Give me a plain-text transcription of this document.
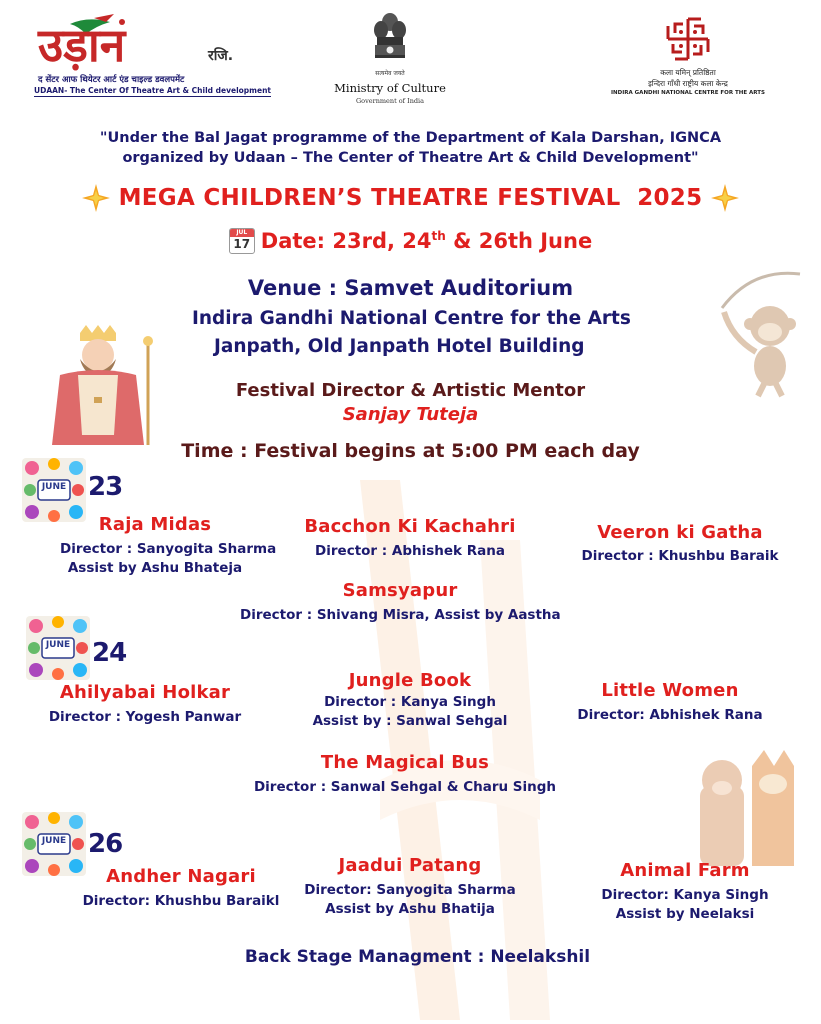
उड़ान	रजि.
द सेंटर आफ थियेटर आर्ट एंड चाइल्ड डवलपमेंट
UDAAN- The Center Of Theatre Art & Child development
सत्यमेव जयते
Ministry of Culture
Government of India
कला यमिन् प्रतिष्ठिता
इन्दिरा गाँधी राष्ट्रीय कला केन्द्र
INDIRA GANDHI NATIONAL CENTRE FOR THE ARTS
"Under the Bal Jagat programme of the Department of Kala Darshan, IGNCA
organized by Udaan – The Center of Theatre Art & Child Development"
MEGA CHILDREN’S THEATRE FESTIVAL  2025
JUL
17 Date: 23rd, 24th & 26th June
Venue : Samvet Auditorium
Indira Gandhi National Centre for the Arts
Janpath, Old Janpath Hotel Building
Festival Director & Artistic Mentor
Sanjay Tuteja
Time : Festival begins at 5:00 PM each day
JUNE 23
Raja Midas
Director : Sanyogita Sharma
Assist by Ashu Bhateja
Bacchon Ki Kachahri
Director : Abhishek Rana
Veeron ki Gatha
Director : Khushbu Baraik
Samsyapur
Director : Shivang Misra, Assist by Aastha
JUNE 24
Ahilyabai Holkar
Director : Yogesh Panwar
Jungle Book
Director : Kanya Singh
Assist by : Sanwal Sehgal
Little Women
Director: Abhishek Rana
The Magical Bus
Director : Sanwal Sehgal & Charu Singh
JUNE 26
Andher Nagari
Director: Khushbu Baraikl
Jaadui Patang
Director: Sanyogita Sharma
Assist by Ashu Bhatija
Animal Farm
Director: Kanya Singh
Assist by Neelaksi
Back Stage Managment : Neelakshil
